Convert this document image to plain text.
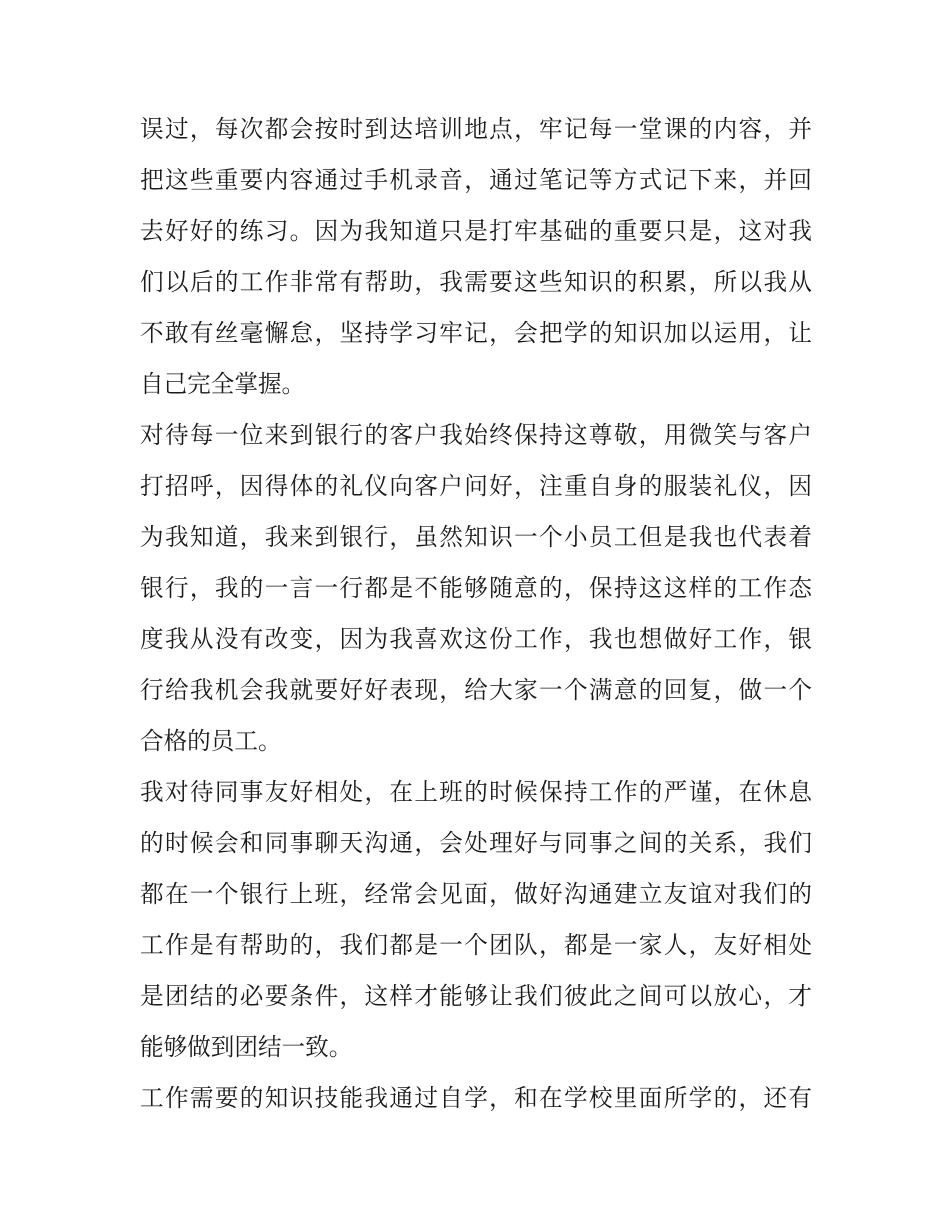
误过，每次都会按时到达培训地点，牢记每一堂课的内容，并
把这些重要内容通过手机录音，通过笔记等方式记下来，并回
去好好的练习。因为我知道只是打牢基础的重要只是，这对我
们以后的工作非常有帮助，我需要这些知识的积累，所以我从
不敢有丝毫懈怠，坚持学习牢记，会把学的知识加以运用，让
自己完全掌握。
对待每一位来到银行的客户我始终保持这尊敬，用微笑与客户
打招呼，因得体的礼仪向客户问好，注重自身的服装礼仪，因
为我知道，我来到银行，虽然知识一个小员工但是我也代表着
银行，我的一言一行都是不能够随意的，保持这这样的工作态
度我从没有改变，因为我喜欢这份工作，我也想做好工作，银
行给我机会我就要好好表现，给大家一个满意的回复，做一个
合格的员工。
我对待同事友好相处，在上班的时候保持工作的严谨，在休息
的时候会和同事聊天沟通，会处理好与同事之间的关系，我们
都在一个银行上班，经常会见面，做好沟通建立友谊对我们的
工作是有帮助的，我们都是一个团队，都是一家人，友好相处
是团结的必要条件，这样才能够让我们彼此之间可以放心，才
能够做到团结一致。
工作需要的知识技能我通过自学，和在学校里面所学的，还有
